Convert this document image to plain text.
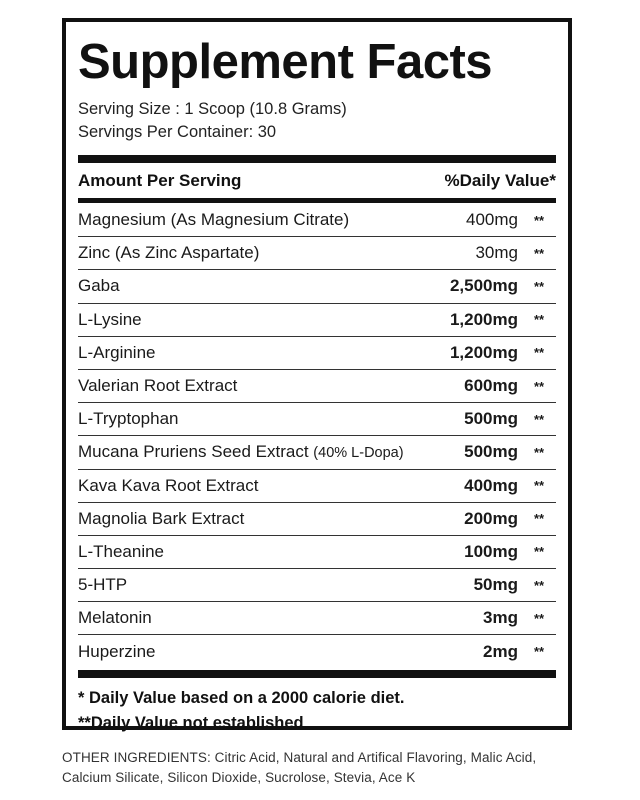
Supplement Facts
Serving Size : 1 Scoop (10.8 Grams)
Servings Per Container: 30
Amount Per Serving	%Daily Value*
Magnesium (As Magnesium Citrate)	400mg	**
Zinc (As Zinc Aspartate)	30mg	**
Gaba	2,500mg	**
L-Lysine	1,200mg	**
L-Arginine	1,200mg	**
Valerian Root Extract	600mg	**
L-Tryptophan	500mg	**
Mucana Pruriens Seed Extract (40% L-Dopa)	500mg	**
Kava Kava Root Extract	400mg	**
Magnolia Bark Extract	200mg	**
L-Theanine	100mg	**
5-HTP	50mg	**
Melatonin	3mg	**
Huperzine	2mg	**
* Daily Value based on a 2000 calorie diet.
**Daily Value not established
OTHER INGREDIENTS: Citric Acid, Natural and Artifical Flavoring, Malic Acid, Calcium Silicate, Silicon Dioxide, Sucrolose, Stevia, Ace K
